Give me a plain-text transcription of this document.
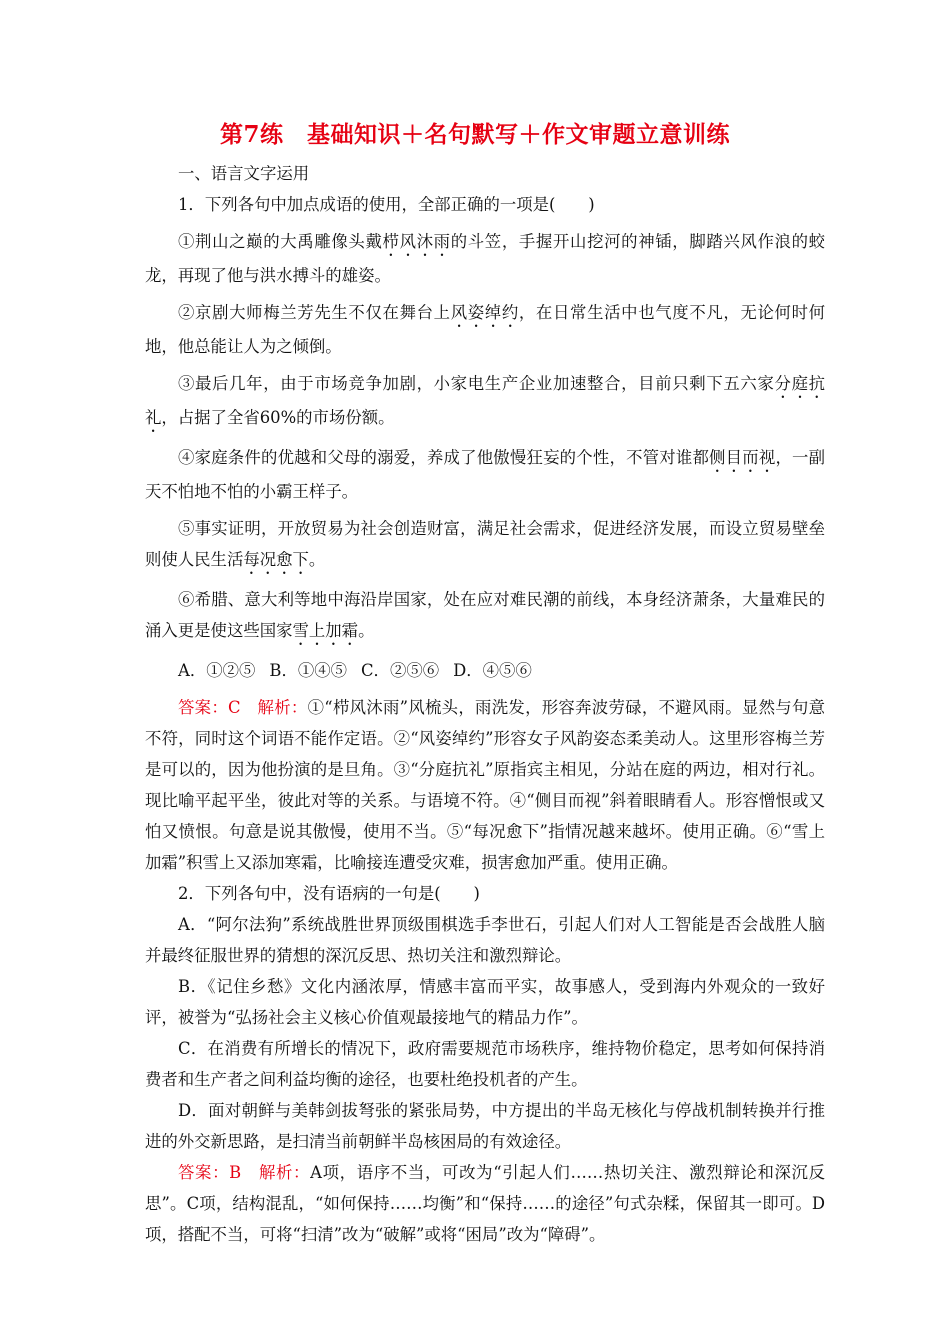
第7练　基础知识＋名句默写＋作文审题立意训练

一、语言文字运用

1．下列各句中加点成语的使用，全部正确的一项是(　　)

①荆山之巅的大禹雕像头戴栉风沐雨的斗笠，手握开山挖河的神锸，脚踏兴风作浪的蛟龙，再现了他与洪水搏斗的雄姿。

②京剧大师梅兰芳先生不仅在舞台上风姿绰约，在日常生活中也气度不凡，无论何时何地，他总能让人为之倾倒。

③最后几年，由于市场竞争加剧，小家电生产企业加速整合，目前只剩下五六家分庭抗礼，占据了全省60%的市场份额。

④家庭条件的优越和父母的溺爱，养成了他傲慢狂妄的个性，不管对谁都侧目而视，一副天不怕地不怕的小霸王样子。

⑤事实证明，开放贸易为社会创造财富，满足社会需求，促进经济发展，而设立贸易壁垒则使人民生活每况愈下。

⑥希腊、意大利等地中海沿岸国家，处在应对难民潮的前线，本身经济萧条，大量难民的涌入更是使这些国家雪上加霜。

A．①②⑤ B．①④⑤ C．②⑤⑥ D．④⑤⑥

答案：C　解析：①“栉风沐雨”风梳头，雨洗发，形容奔波劳碌，不避风雨。显然与句意不符，同时这个词语不能作定语。②“风姿绰约”形容女子风韵姿态柔美动人。这里形容梅兰芳是可以的，因为他扮演的是旦角。③“分庭抗礼”原指宾主相见，分站在庭的两边，相对行礼。现比喻平起平坐，彼此对等的关系。与语境不符。④“侧目而视”斜着眼睛看人。形容憎恨或又怕又愤恨。句意是说其傲慢，使用不当。⑤“每况愈下”指情况越来越坏。使用正确。⑥“雪上加霜”积雪上又添加寒霜，比喻接连遭受灾难，损害愈加严重。使用正确。

2．下列各句中，没有语病的一句是(　　)

A．“阿尔法狗”系统战胜世界顶级围棋选手李世石，引起人们对人工智能是否会战胜人脑并最终征服世界的猜想的深沉反思、热切关注和激烈辩论。

B．《记住乡愁》文化内涵浓厚，情感丰富而平实，故事感人，受到海内外观众的一致好评，被誉为“弘扬社会主义核心价值观最接地气的精品力作”。

C．在消费有所增长的情况下，政府需要规范市场秩序，维持物价稳定，思考如何保持消费者和生产者之间利益均衡的途径，也要杜绝投机者的产生。

D．面对朝鲜与美韩剑拔弩张的紧张局势，中方提出的半岛无核化与停战机制转换并行推进的外交新思路，是扫清当前朝鲜半岛核困局的有效途径。

答案：B　解析：A项，语序不当，可改为“引起人们……热切关注、激烈辩论和深沉反思”。C项，结构混乱，“如何保持……均衡”和“保持……的途径”句式杂糅，保留其一即可。D项，搭配不当，可将“扫清”改为“破解”或将“困局”改为“障碍”。
